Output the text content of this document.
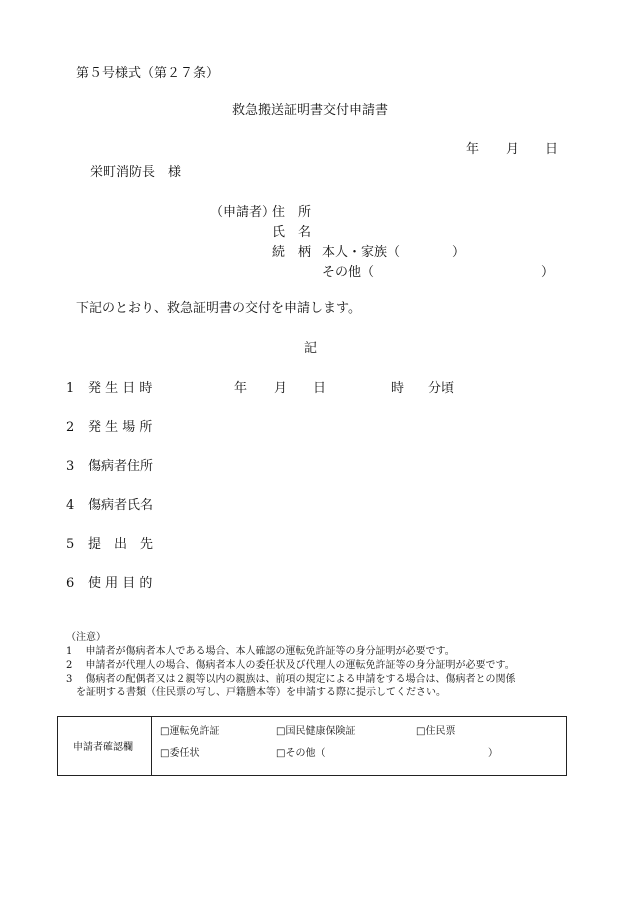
第５号様式（第２７条）
救急搬送証明書交付申請書
年 月 日
栄町消防長　様
（申請者）
住　所
氏　名
続　柄 本人・家族（	）
その他（	）
下記のとおり、救急証明書の交付を申請します。
記
1 発 生 日 時	年 月 日	時 分頃
2 発 生 場 所
3 傷病者住所
4 傷病者氏名
5 提　出　先
6 使 用 目 的
（注意）
1　 申請者が傷病者本人である場合、本人確認の運転免許証等の身分証明が必要です。
2　 申請者が代理人の場合、傷病者本人の委任状及び代理人の運転免許証等の身分証明が必要です。
3　 傷病者の配偶者又は２親等以内の親族は、前項の規定による申請をする場合は、傷病者との関係
　を証明する書類（住民票の写し、戸籍謄本等）を申請する際に提示してください。
申請者確認欄
□運転免許証	□国民健康保険証	□住民票
□委任状	□その他（	）
